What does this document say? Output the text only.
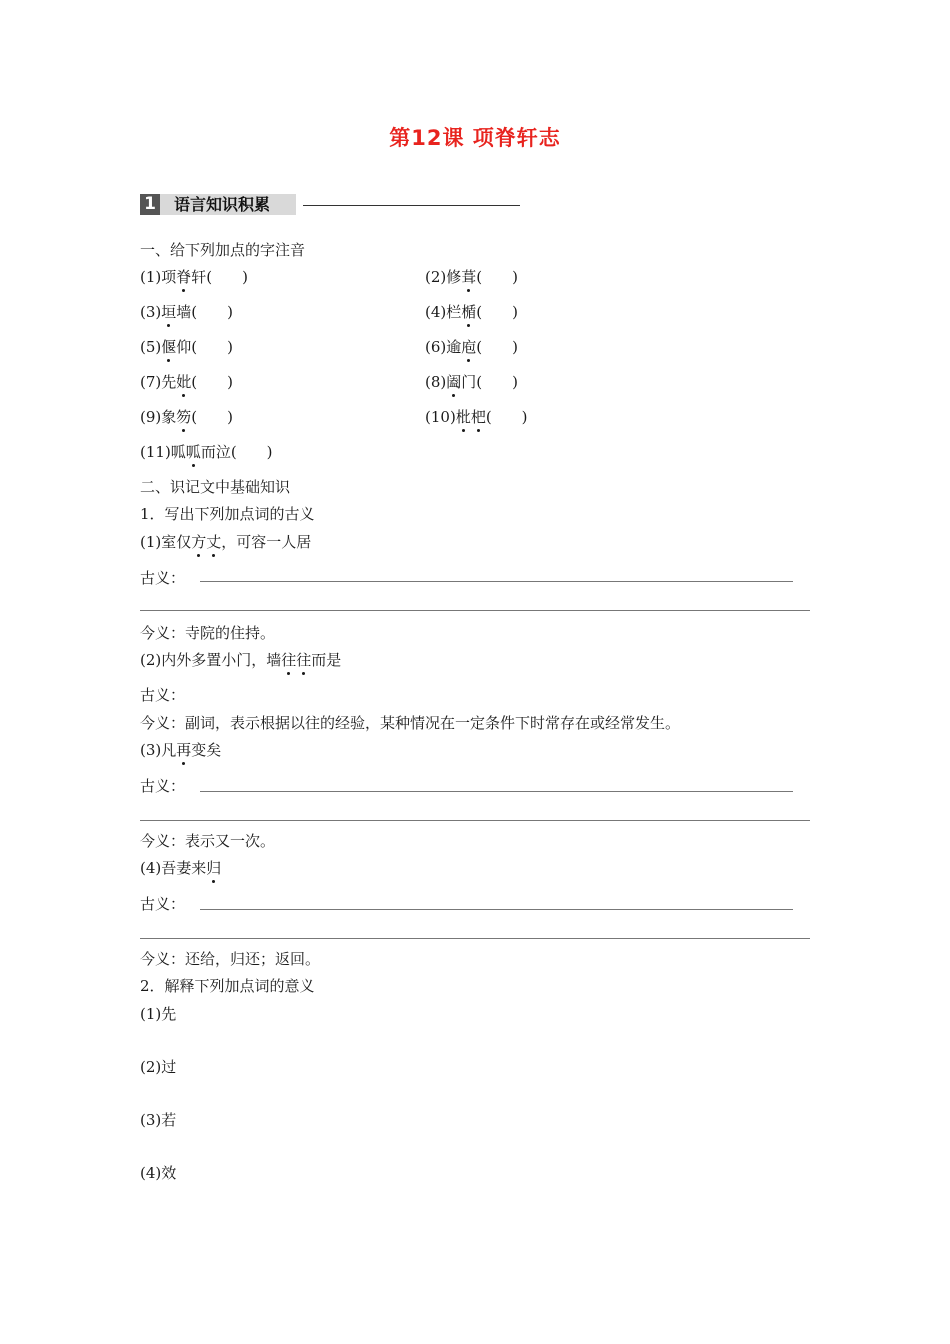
第12课 项脊轩志
1	语言知识积累
一、给下列加点的字注音
(1)项脊轩(　　)	(2)修葺(　　)
(3)垣墙(　　)	(4)栏楯(　　)
(5)偃仰(　　)	(6)逾庖(　　)
(7)先妣(　　)	(8)阖门(　　)
(9)象笏(　　)	(10)枇杷(　　)
(11)呱呱而泣(　　)
二、识记文中基础知识
1．写出下列加点词的古义
(1)室仅方丈，可容一人居
古义：
今义：寺院的住持。
(2)内外多置小门，墙往往而是
古义：
今义：副词，表示根据以往的经验，某种情况在一定条件下时常存在或经常发生。
(3)凡再变矣
古义：
今义：表示又一次。
(4)吾妻来归
古义：
今义：还给，归还；返回。
2．解释下列加点词的意义
(1)先
(2)过
(3)若
(4)效
